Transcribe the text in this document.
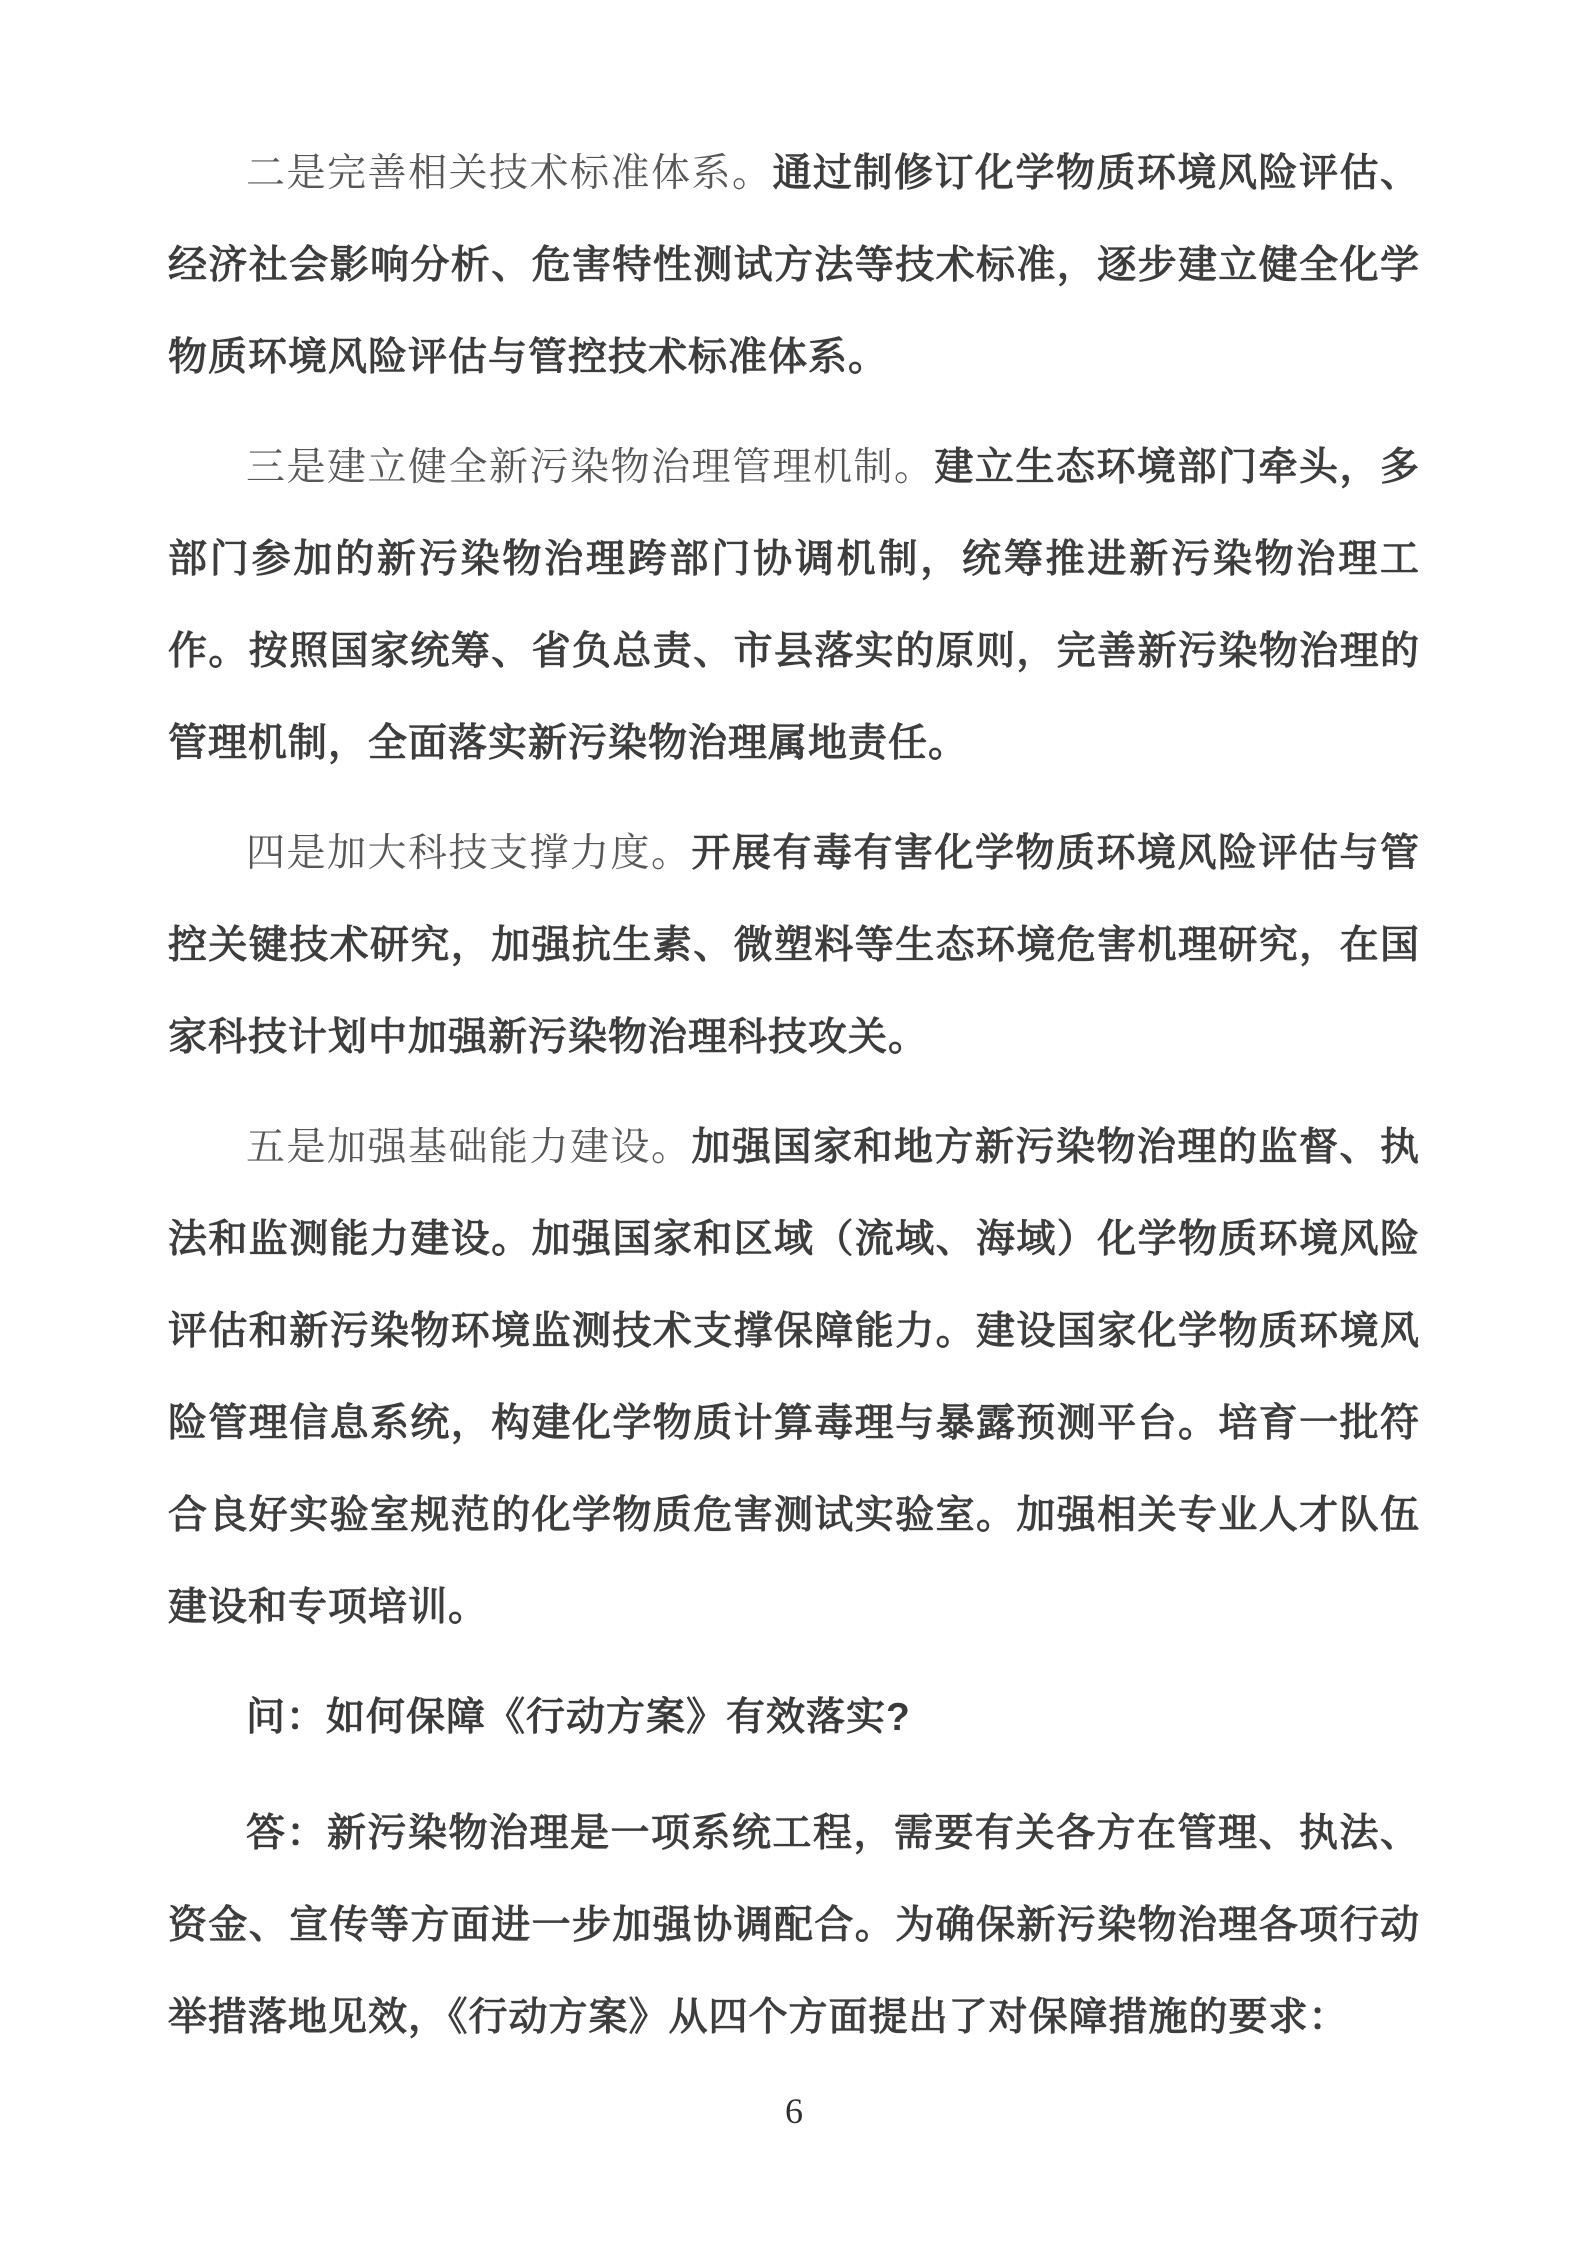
二是完善相关技术标准体系。通过制修订化学物质环境风险评估、经济社会影响分析、危害特性测试方法等技术标准，逐步建立健全化学物质环境风险评估与管控技术标准体系。

三是建立健全新污染物治理管理机制。建立生态环境部门牵头，多部门参加的新污染物治理跨部门协调机制，统筹推进新污染物治理工作。按照国家统筹、省负总责、市县落实的原则，完善新污染物治理的管理机制，全面落实新污染物治理属地责任。

四是加大科技支撑力度。开展有毒有害化学物质环境风险评估与管控关键技术研究，加强抗生素、微塑料等生态环境危害机理研究，在国家科技计划中加强新污染物治理科技攻关。

五是加强基础能力建设。加强国家和地方新污染物治理的监督、执法和监测能力建设。加强国家和区域（流域、海域）化学物质环境风险评估和新污染物环境监测技术支撑保障能力。建设国家化学物质环境风险管理信息系统，构建化学物质计算毒理与暴露预测平台。培育一批符合良好实验室规范的化学物质危害测试实验室。加强相关专业人才队伍建设和专项培训。

问：如何保障《行动方案》有效落实?

答：新污染物治理是一项系统工程，需要有关各方在管理、执法、资金、宣传等方面进一步加强协调配合。为确保新污染物治理各项行动举措落地见效，《行动方案》从四个方面提出了对保障措施的要求：

6
